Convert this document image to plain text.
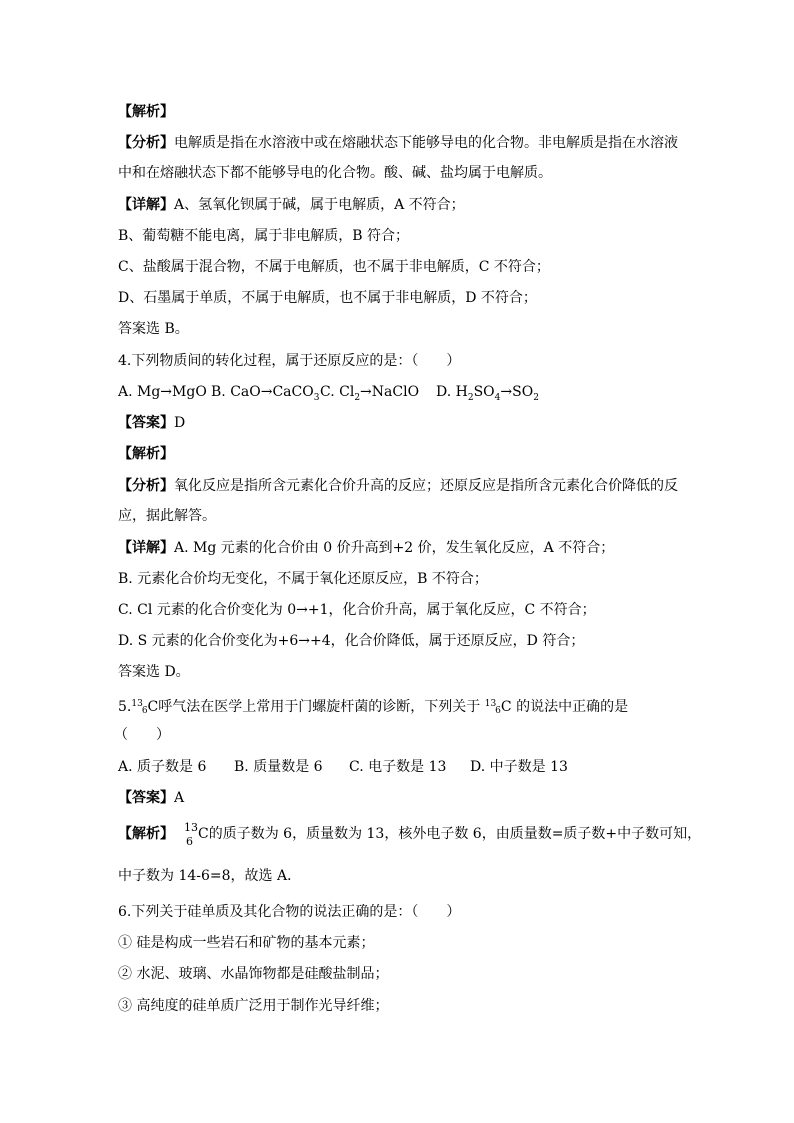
【解析】
【分析】电解质是指在水溶液中或在熔融状态下能够导电的化合物。非电解质是指在水溶液
中和在熔融状态下都不能够导电的化合物。酸、碱、盐均属于电解质。
【详解】A、氢氧化钡属于碱，属于电解质，A 不符合；
B、葡萄糖不能电离，属于非电解质，B 符合；
C、盐酸属于混合物，不属于电解质，也不属于非电解质，C 不符合；
D、石墨属于单质，不属于电解质，也不属于非电解质，D 不符合；
答案选 B。
4.下列物质间的转化过程，属于还原反应的是：（　　）
A. Mg→MgO B. CaO→CaCO$_3$C. $Cl_2\to NaClO$ D. $H_2SO_4\to SO_2$
【答案】D
【解析】
【分析】氧化反应是指所含元素化合价升高的反应；还原反应是指所含元素化合价降低的反
应，据此解答。
【详解】A. Mg 元素的化合价由 0 价升高到+2 价，发生氧化反应，A 不符合；
B. 元素化合价均无变化，不属于氧化还原反应，B 不符合；
C. Cl 元素的化合价变化为 0→+1，化合价升高，属于氧化反应，C 不符合；
D. S 元素的化合价变化为+6→+4，化合价降低，属于还原反应，D 符合；
答案选 D。
5.136C呼气法在医学上常用于门螺旋杆菌的诊断，下列关于 $^{13}$6C 的说法中正确的是
（　　）
A. 质子数是 6 B. 质量数是 6 C. 电子数是 13 D. 中子数是 13
【答案】A
【解析】 13
6 C的质子数为 6，质量数为 13，核外电子数 6，由质量数=质子数+中子数可知，
中子数为 14-6=8，故选 A．
6.下列关于硅单质及其化合物的说法正确的是：（　　）
① 硅是构成一些岩石和矿物的基本元素；
② 水泥、玻璃、水晶饰物都是硅酸盐制品；
③ 高纯度的硅单质广泛用于制作光导纤维；
